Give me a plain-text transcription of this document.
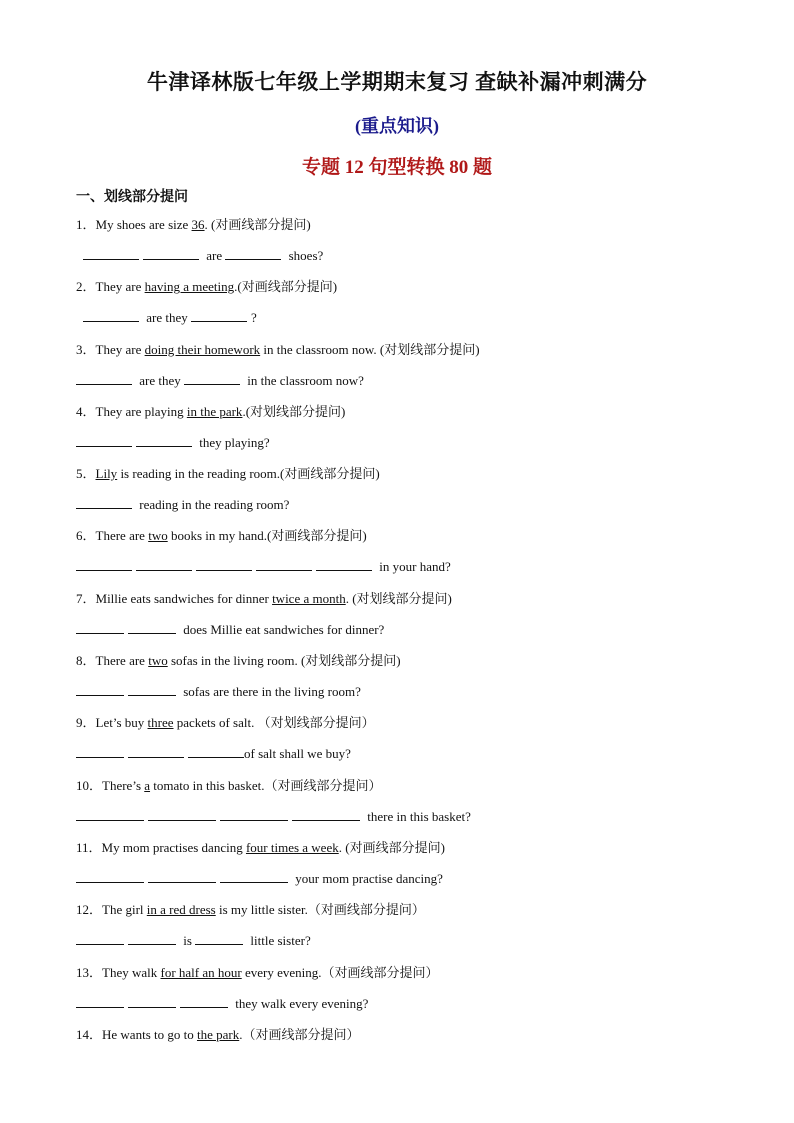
牛津译林版七年级上学期期末复习 查缺补漏冲刺满分
(重点知识)
专题 12 句型转换 80 题
一、划线部分提问
1．My shoes are size 36. (对画线部分提问)
are	shoes?
2．They are having a meeting.(对画线部分提问)
are they	?
3．They are doing their homework in the classroom now. (对划线部分提问)
are they	in the classroom now?
4．They are playing in the park.(对划线部分提问)
they playing?
5．Lily is reading in the reading room.(对画线部分提问)
reading in the reading room?
6．There are two books in my hand.(对画线部分提问)
in your hand?
7．Millie eats sandwiches for dinner twice a month. (对划线部分提问)
does Millie eat sandwiches for dinner?
8．There are two sofas in the living room. (对划线部分提问)
sofas are there in the living room?
9．Let’s buy three packets of salt. （对划线部分提问）
of salt shall we buy?
10．There’s a tomato in this basket.（对画线部分提问）
there in this basket?
11．My mom practises dancing four times a week. (对画线部分提问)
your mom practise dancing?
12．The girl in a red dress is my little sister.（对画线部分提问）
is	little sister?
13．They walk for half an hour every evening.（对画线部分提问）
they walk every evening?
14．He wants to go to the park.（对画线部分提问）
